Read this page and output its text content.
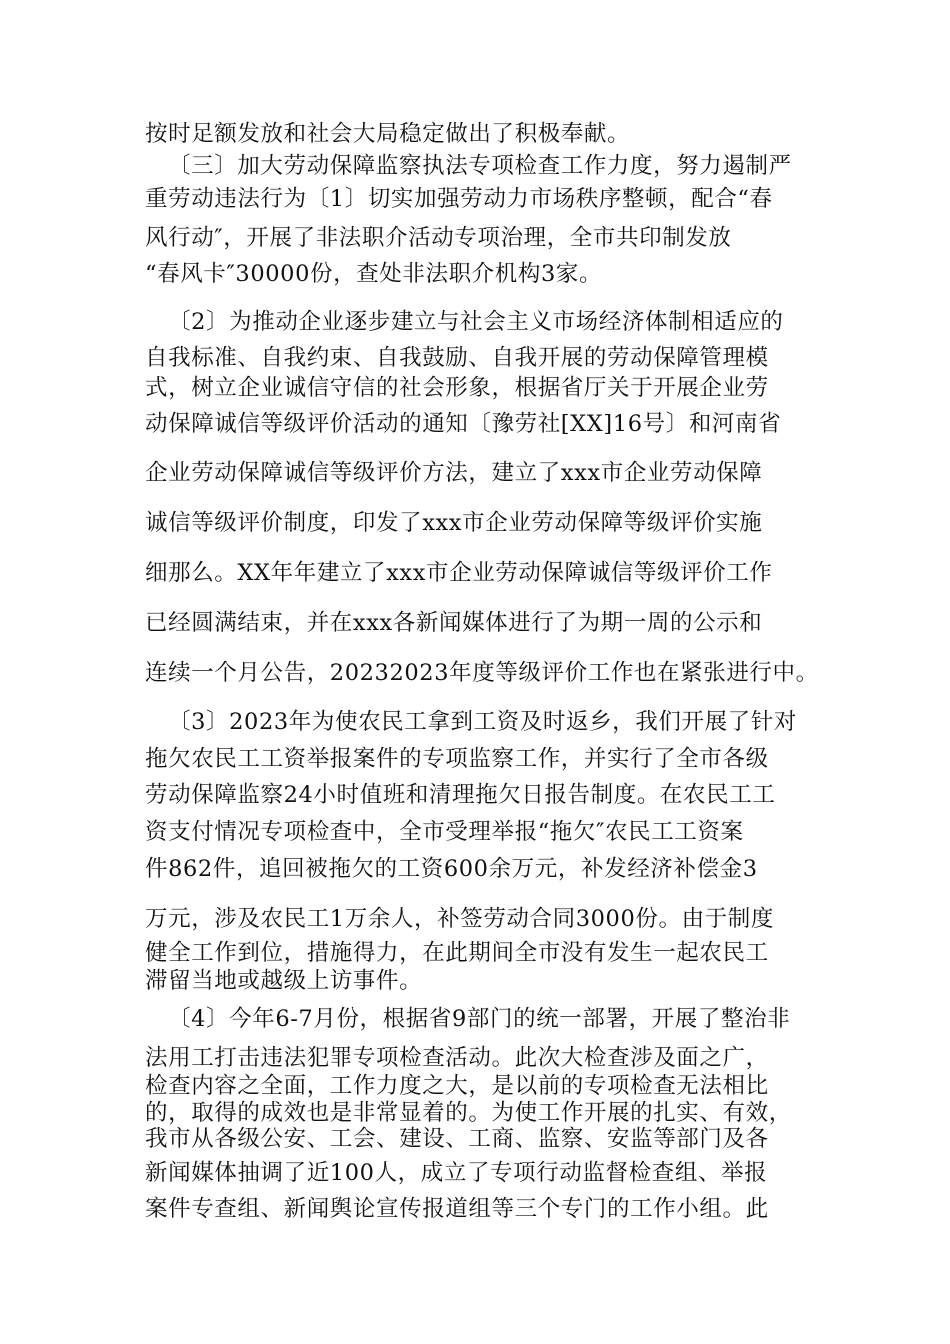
按时足额发放和社会大局稳定做出了积极奉献。
〔三〕加大劳动保障监察执法专项检查工作力度，努力遏制严
重劳动违法行为〔1〕切实加强劳动力市场秩序整顿，配合“春
风行动″，开展了非法职介活动专项治理，全市共印制发放
“春风卡″30000份，查处非法职介机构3家。
〔2〕为推动企业逐步建立与社会主义市场经济体制相适应的
自我标准、自我约束、自我鼓励、自我开展的劳动保障管理模
式，树立企业诚信守信的社会形象，根据省厅关于开展企业劳
动保障诚信等级评价活动的通知〔豫劳社[XX]16号〕和河南省
企业劳动保障诚信等级评价方法，建立了xxx市企业劳动保障
诚信等级评价制度，印发了xxx市企业劳动保障等级评价实施
细那么。XX年年建立了xxx市企业劳动保障诚信等级评价工作
已经圆满结束，并在xxx各新闻媒体进行了为期一周的公示和
连续一个月公告，20232023年度等级评价工作也在紧张进行中。
〔3〕2023年为使农民工拿到工资及时返乡，我们开展了针对
拖欠农民工工资举报案件的专项监察工作，并实行了全市各级
劳动保障监察24小时值班和清理拖欠日报告制度。在农民工工
资支付情况专项检查中，全市受理举报“拖欠″农民工工资案
件862件，追回被拖欠的工资600余万元，补发经济补偿金3
万元，涉及农民工1万余人，补签劳动合同3000份。由于制度
健全工作到位，措施得力，在此期间全市没有发生一起农民工
滞留当地或越级上访事件。
〔4〕今年6-7月份，根据省9部门的统一部署，开展了整治非
法用工打击违法犯罪专项检查活动。此次大检查涉及面之广，
检查内容之全面，工作力度之大，是以前的专项检查无法相比
的，取得的成效也是非常显着的。为使工作开展的扎实、有效，
我市从各级公安、工会、建设、工商、监察、安监等部门及各
新闻媒体抽调了近100人，成立了专项行动监督检查组、举报
案件专查组、新闻舆论宣传报道组等三个专门的工作小组。此
